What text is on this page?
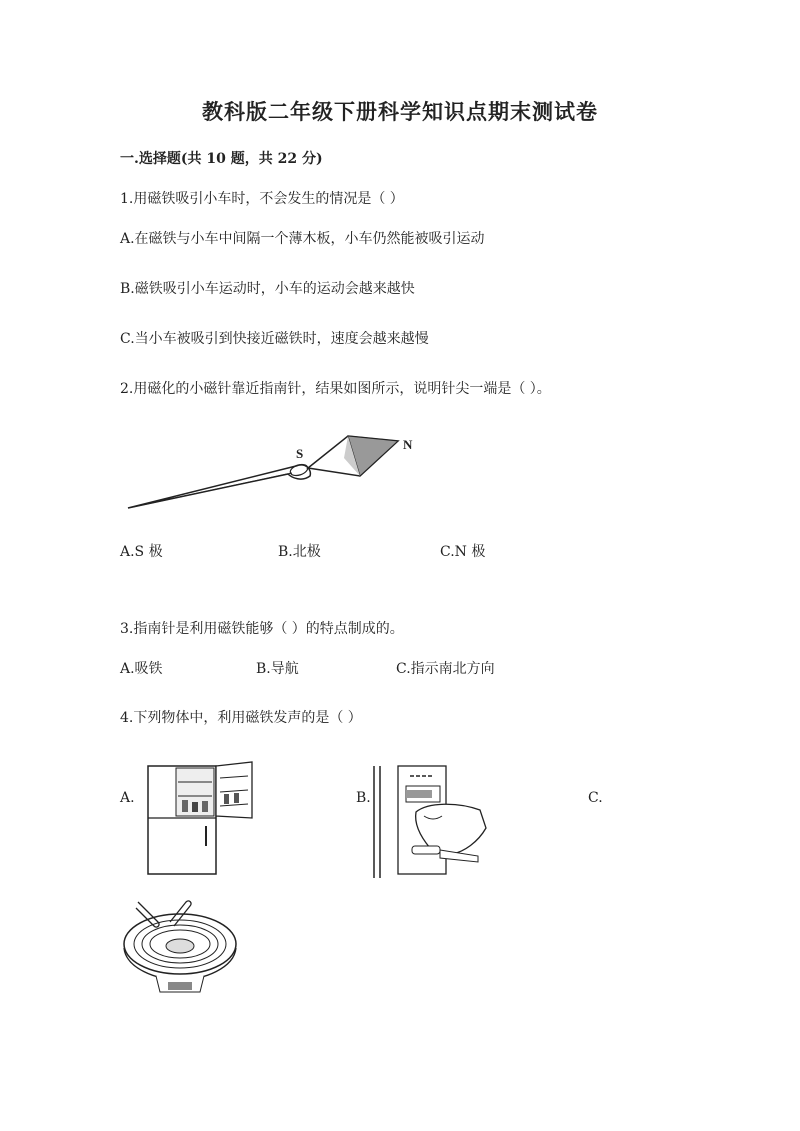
教科版二年级下册科学知识点期末测试卷
一.选择题(共 10 题，共 22 分)
1.用磁铁吸引小车时，不会发生的情况是（ ）
A.在磁铁与小车中间隔一个薄木板，小车仍然能被吸引运动
B.磁铁吸引小车运动时，小车的运动会越来越快
C.当小车被吸引到快接近磁铁时，速度会越来越慢
2.用磁化的小磁针靠近指南针，结果如图所示，说明针尖一端是（ ）。
S
N
A.S 极	B.北极	C.N 极
3.指南针是利用磁铁能够（ ）的特点制成的。
A.吸铁	B.导航	C.指示南北方向
4.下列物体中，利用磁铁发声的是（ ）
A.	B.	C.
